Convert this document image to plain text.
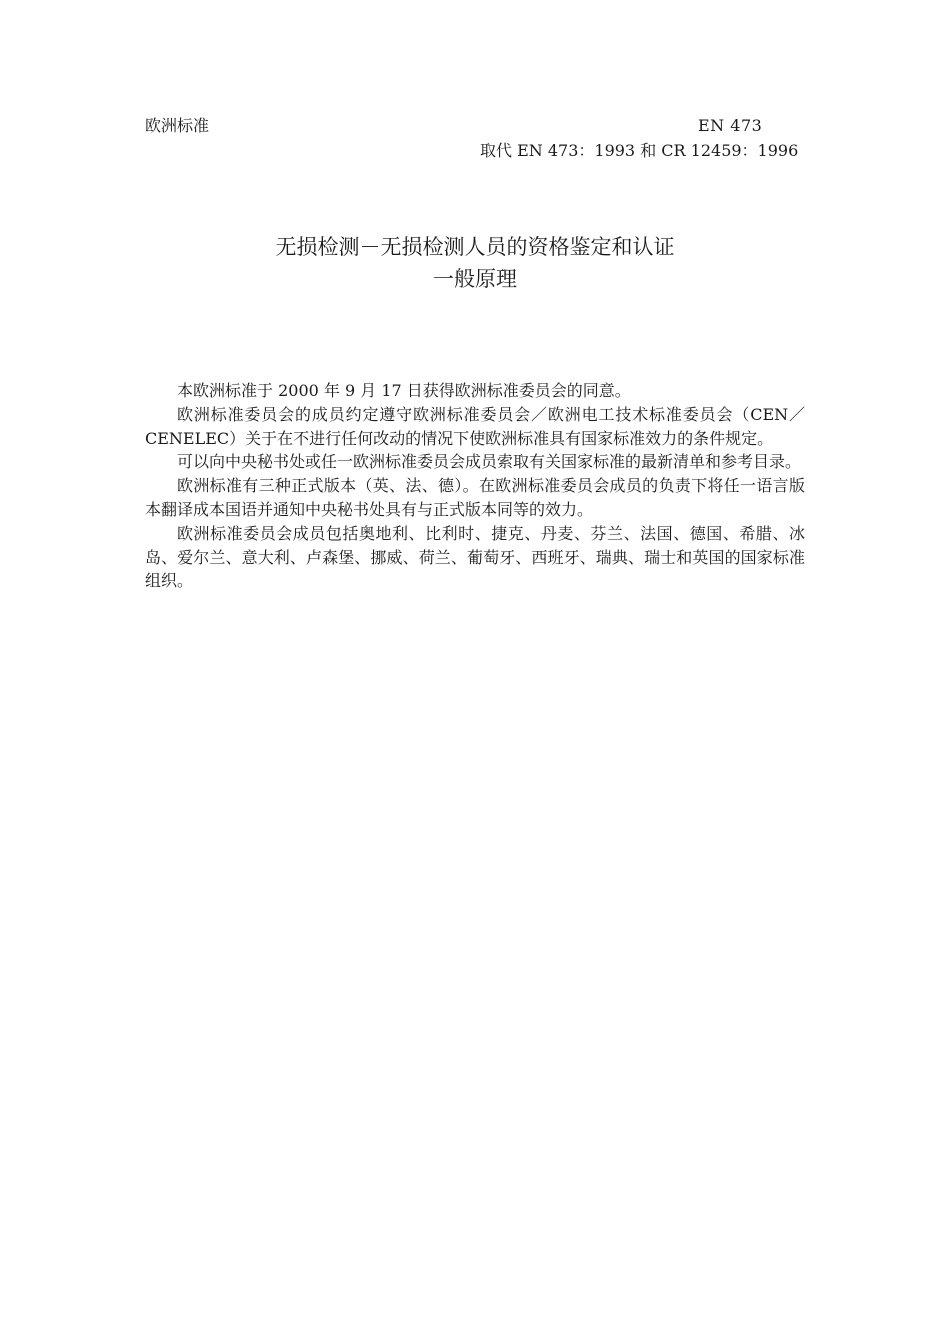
欧洲标准	EN 473
取代 EN 473：1993 和 CR 12459：1996
无损检测－无损检测人员的资格鉴定和认证
一般原理

本欧洲标准于 2000 年 9 月 17 日获得欧洲标准委员会的同意。

欧洲标准委员会的成员约定遵守欧洲标准委员会／欧洲电工技术标准委员会（CEN／CENELEC）关于在不进行任何改动的情况下使欧洲标准具有国家标准效力的条件规定。

可以向中央秘书处或任一欧洲标准委员会成员索取有关国家标准的最新清单和参考目录。

欧洲标准有三种正式版本（英、法、德）。在欧洲标准委员会成员的负责下将任一语言版本翻译成本国语并通知中央秘书处具有与正式版本同等的效力。

欧洲标准委员会成员包括奥地利、比利时、捷克、丹麦、芬兰、法国、德国、希腊、冰岛、爱尔兰、意大利、卢森堡、挪威、荷兰、葡萄牙、西班牙、瑞典、瑞士和英国的国家标准组织。
